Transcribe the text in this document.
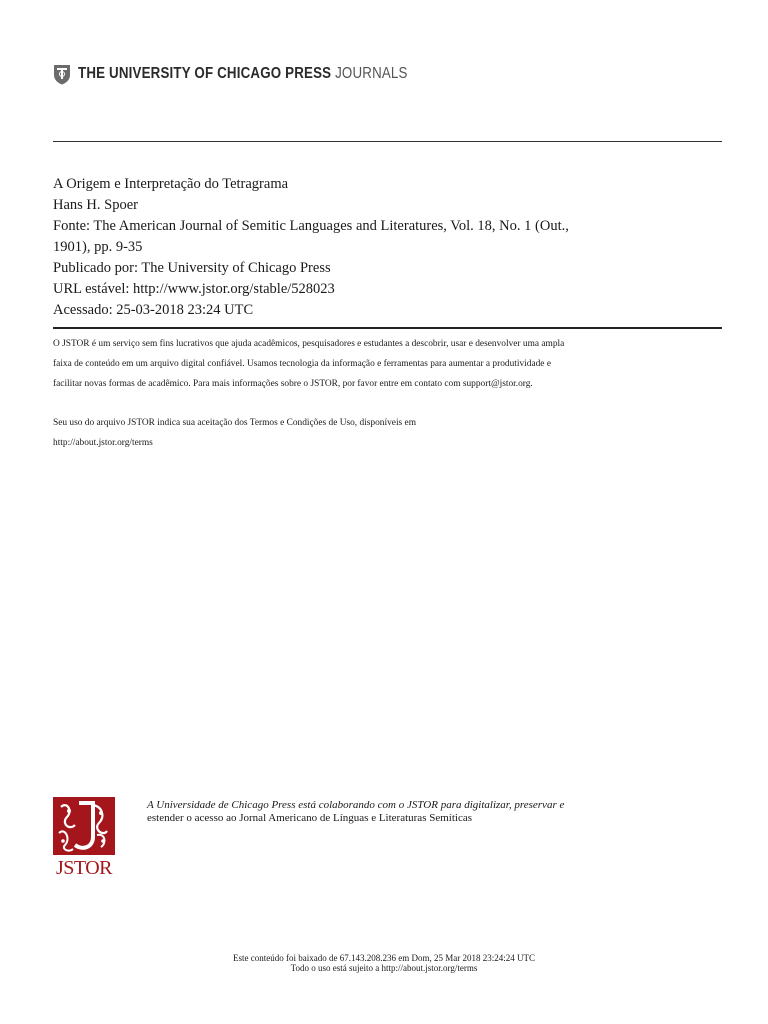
THE UNIVERSITY OF CHICAGO PRESS JOURNALS
A Origem e Interpretação do Tetragrama
Hans H. Spoer
Fonte: The American Journal of Semitic Languages and Literatures, Vol. 18, No. 1 (Out.,
1901), pp. 9-35
Publicado por: The University of Chicago Press
URL estável: http://www.jstor.org/stable/528023
Acessado: 25-03-2018 23:24 UTC
O JSTOR é um serviço sem fins lucrativos que ajuda acadêmicos, pesquisadores e estudantes a descobrir, usar e desenvolver uma ampla
faixa de conteúdo em um arquivo digital confiável. Usamos tecnologia da informação e ferramentas para aumentar a produtividade e
facilitar novas formas de acadêmico. Para mais informações sobre o JSTOR, por favor entre em contato com support@jstor.org.
Seu uso do arquivo JSTOR indica sua aceitação dos Termos e Condições de Uso, disponíveis em
http://about.jstor.org/terms
JSTOR
A Universidade de Chicago Press está colaborando com o JSTOR para digitalizar, preservar e
estender o acesso ao Jornal Americano de Línguas e Literaturas Semíticas
Este conteúdo foi baixado de 67.143.208.236 em Dom, 25 Mar 2018 23:24:24 UTC
Todo o uso está sujeito a http://about.jstor.org/terms
